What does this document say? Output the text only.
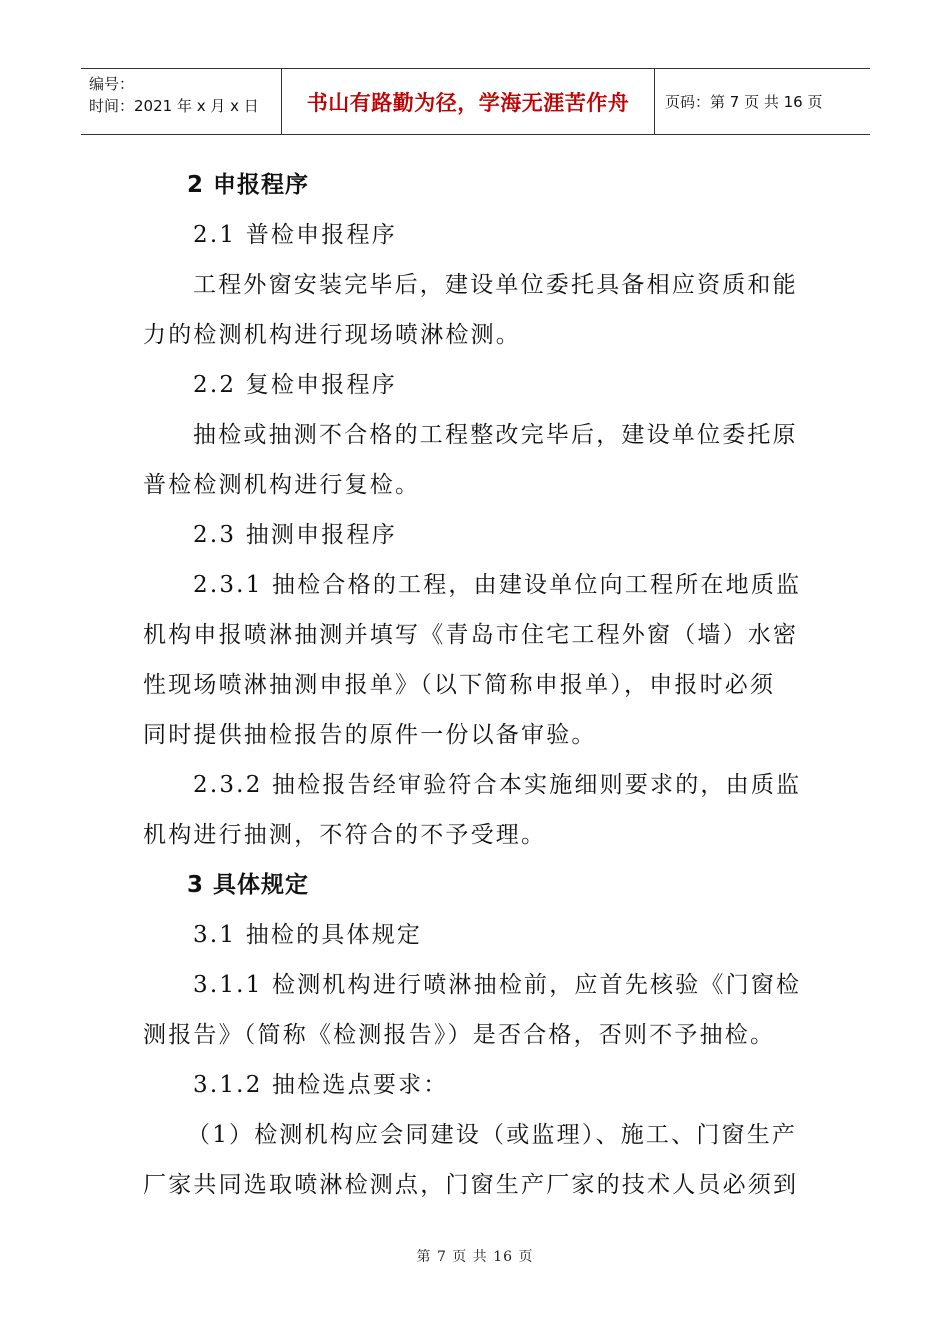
编号：
时间：2021 年 x 月 x 日	书山有路勤为径，学海无涯苦作舟	页码：第 7 页 共 16 页
2 申报程序
2.1 普检申报程序
工程外窗安装完毕后，建设单位委托具备相应资质和能
力的检测机构进行现场喷淋检测。
2.2 复检申报程序
抽检或抽测不合格的工程整改完毕后，建设单位委托原
普检检测机构进行复检。
2.3 抽测申报程序
2.3.1 抽检合格的工程，由建设单位向工程所在地质监
机构申报喷淋抽测并填写《青岛市住宅工程外窗（墙）水密
性现场喷淋抽测申报单》（以下简称申报单），申报时必须
同时提供抽检报告的原件一份以备审验。
2.3.2 抽检报告经审验符合本实施细则要求的，由质监
机构进行抽测，不符合的不予受理。
3 具体规定
3.1 抽检的具体规定
3.1.1 检测机构进行喷淋抽检前，应首先核验《门窗检
测报告》（简称《检测报告》）是否合格，否则不予抽检。
3.1.2 抽检选点要求：
（1）检测机构应会同建设（或监理）、施工、门窗生产
厂家共同选取喷淋检测点，门窗生产厂家的技术人员必须到
第 7 页 共 16 页
